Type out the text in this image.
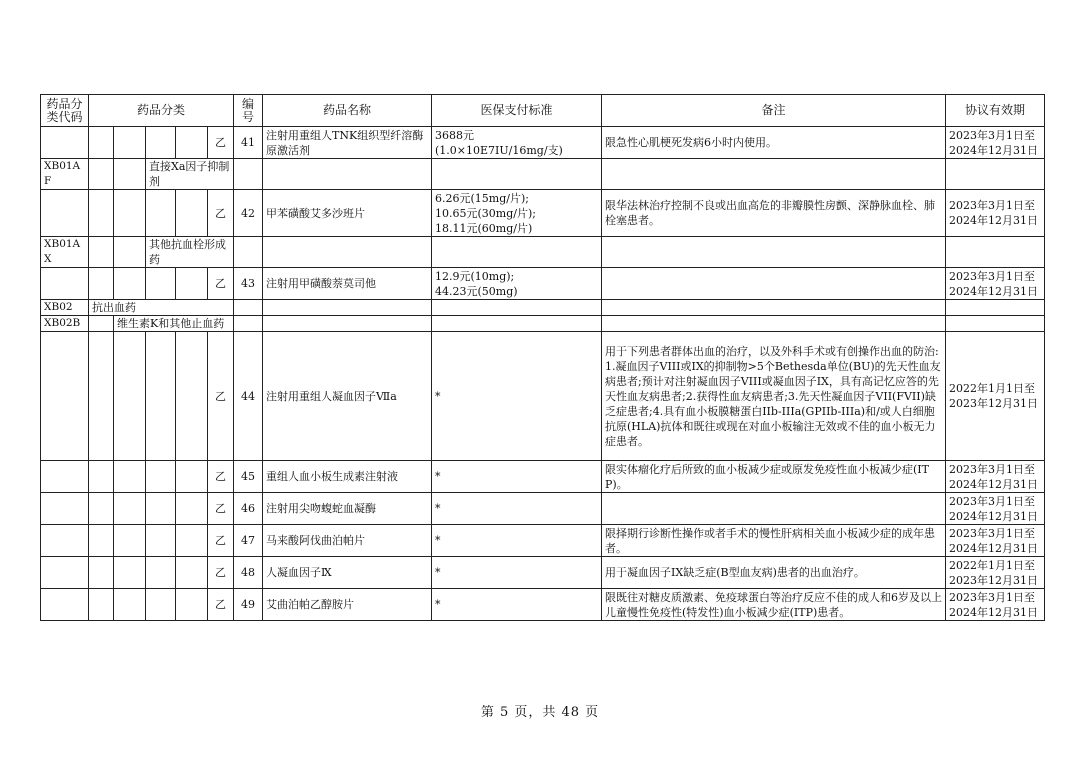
药品分类代码	药品分类					编号	药品名称	医保支付标准	备注	协议有效期
					乙	41	注射用重组人TNK组织型纤溶酶原激活剂	3688元
(1.0×10E7IU/16mg/支)	限急性心肌梗死发病6小时内使用。	2023年3月1日至
2024年12月31日
XB01AF			直接Xa因子抑制剂							
					乙	42	甲苯磺酸艾多沙班片	6.26元(15mg/片);
10.65元(30mg/片);
18.11元(60mg/片)	限华法林治疗控制不良或出血高危的非瓣膜性房颤、深静脉血栓、肺栓塞患者。	2023年3月1日至
2024年12月31日
XB01AX			其他抗血栓形成药							
					乙	43	注射用甲磺酸萘莫司他	12.9元(10mg);
44.23元(50mg)		2023年3月1日至
2024年12月31日
XB02	抗出血药									
XB02B		维生素K和其他止血药								
					乙	44	注射用重组人凝血因子Ⅶa	*	用于下列患者群体出血的治疗，以及外科手术或有创操作出血的防治:
1.凝血因子VIII或IX的抑制物>5个Bethesda单位(BU)的先天性血友病患者;预计对注射凝血因子VIII或凝血因子IX，具有高记忆应答的先天性血友病患者;2.获得性血友病患者;3.先天性凝血因子VII(FVII)缺乏症患者;4.具有血小板膜糖蛋白IIb-IIIa(GPIIb-IIIa)和/或人白细胞抗原(HLA)抗体和既往或现在对血小板输注无效或不佳的血小板无力症患者。	2022年1月1日至
2023年12月31日
					乙	45	重组人血小板生成素注射液	*	限实体瘤化疗后所致的血小板减少症或原发免疫性血小板减少症(ITP)。	2023年3月1日至
2024年12月31日
					乙	46	注射用尖吻蝮蛇血凝酶	*		2023年3月1日至
2024年12月31日
					乙	47	马来酸阿伐曲泊帕片	*	限择期行诊断性操作或者手术的慢性肝病相关血小板减少症的成年患者。	2023年3月1日至
2024年12月31日
					乙	48	人凝血因子Ⅸ	*	用于凝血因子IX缺乏症(B型血友病)患者的出血治疗。	2022年1月1日至
2023年12月31日
					乙	49	艾曲泊帕乙醇胺片	*	限既往对糖皮质激素、免疫球蛋白等治疗反应不佳的成人和6岁及以上儿童慢性免疫性(特发性)血小板减少症(ITP)患者。	2023年3月1日至
2024年12月31日
第 5 页，共 48 页
